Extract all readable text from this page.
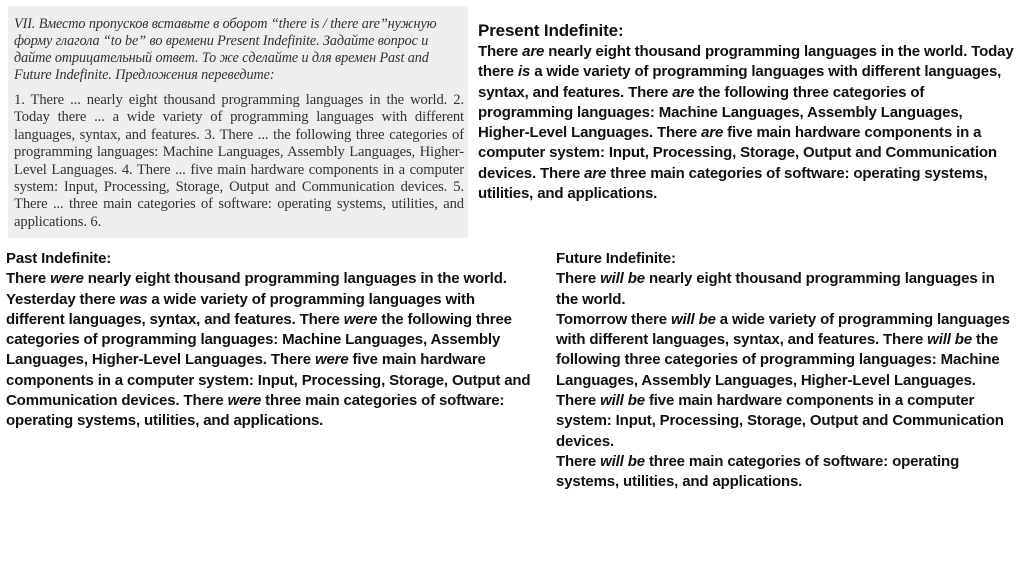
VII. Вместо пропусков вставьте в оборот “there is / there are”нужную форму глагола “to be” во времени Present Indefinite. Задайте вопрос и дайте отрицательный ответ. То же сделайте и для времен Past and Future Indefinite. Предложения переведите:

1. There ... nearly eight thousand programming languages in the world. 2. Today there ... a wide variety of programming languages with different languages, syntax, and features. 3. There ... the following three categories of programming languages: Machine Languages, Assembly Languages, Higher-Level Languages. 4. There ... five main hardware components in a computer system: Input, Processing, Storage, Output and Communication devices. 5. There ... three main categories of software: operating systems, utilities, and applications. 6.

Present Indefinite:

There are nearly eight thousand programming languages in the world. Today there is a wide variety of programming languages with different languages, syntax, and features. There are the following three categories of programming languages: Machine Languages, Assembly Languages, Higher-Level Languages. There are five main hardware components in a computer system: Input, Processing, Storage, Output and Communication devices. There are three main categories of software: operating systems, utilities, and applications.

Past Indefinite:

There were nearly eight thousand programming languages in the world. Yesterday there was a wide variety of programming languages with different languages, syntax, and features. There were the following three categories of programming languages: Machine Languages, Assembly Languages, Higher-Level Languages. There were five main hardware components in a computer system: Input, Processing, Storage, Output and Communication devices. There were three main categories of software: operating systems, utilities, and applications.

Future Indefinite:

There will be nearly eight thousand programming languages in the world.

Tomorrow there will be a wide variety of programming languages with different languages, syntax, and features. There will be the following three categories of programming languages: Machine Languages, Assembly Languages, Higher-Level Languages. There will be five main hardware components in a computer system: Input, Processing, Storage, Output and Communication devices.

There will be three main categories of software: operating systems, utilities, and applications.
